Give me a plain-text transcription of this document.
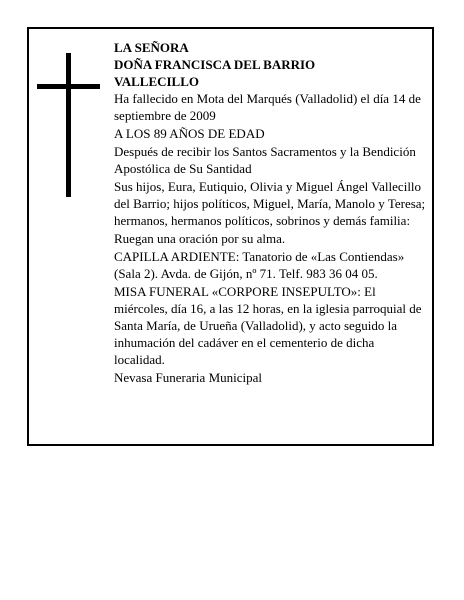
LA SEÑORA
DOÑA FRANCISCA DEL BARRIO
VALLECILLO

Ha fallecido en Mota del Marqués (Valladolid) el día 14 de septiembre de 2009

A LOS 89 AÑOS DE EDAD

Después de recibir los Santos Sacramentos y la Bendición Apostólica de Su Santidad

Sus hijos, Eura, Eutiquio, Olivia y Miguel Ángel Vallecillo del Barrio; hijos políticos, Miguel, María, Manolo y Teresa; hermanos, hermanos políticos, sobrinos y demás familia:

Ruegan una oración por su alma.

CAPILLA ARDIENTE: Tanatorio de «Las Contiendas» (Sala 2). Avda. de Gijón, nº 71. Telf. 983 36 04 05.

MISA FUNERAL «CORPORE INSEPULTO»: El miércoles, día 16, a las 12 horas, en la iglesia parroquial de Santa María, de Urueña (Valladolid), y acto seguido la inhumación del cadáver en el cementerio de dicha localidad.

Nevasa Funeraria Municipal
